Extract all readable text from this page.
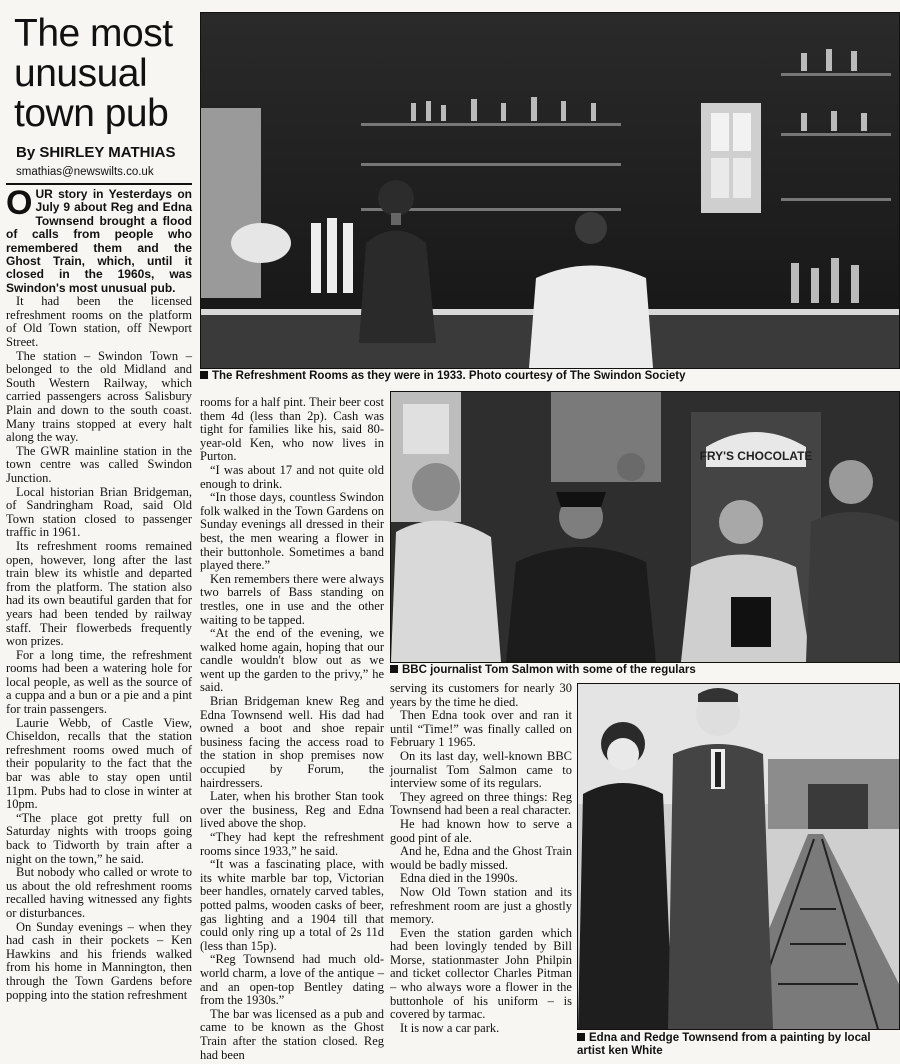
The most unusual town pub
By SHIRLEY MATHIAS
smathias@newswilts.co.uk

OUR story in Yesterdays on July 9 about Reg and Edna Townsend brought a flood of calls from people who remembered them and the Ghost Train, which, until it closed in the 1960s, was Swindon's most unusual pub.

It had been the licensed refreshment rooms on the platform of Old Town station, off Newport Street.

The station – Swindon Town – belonged to the old Midland and South Western Railway, which carried passengers across Salisbury Plain and down to the south coast. Many trains stopped at every halt along the way.

The GWR mainline station in the town centre was called Swindon Junction.

Local historian Brian Bridgeman, of Sandringham Road, said Old Town station closed to passenger traffic in 1961.

Its refreshment rooms remained open, however, long after the last train blew its whistle and departed from the platform. The station also had its own beautiful garden that for years had been tended by railway staff. Their flowerbeds frequently won prizes.

For a long time, the refreshment rooms had been a watering hole for local people, as well as the source of a cuppa and a bun or a pie and a pint for train passengers.

Laurie Webb, of Castle View, Chiseldon, recalls that the station refreshment rooms owed much of their popularity to the fact that the bar was able to stay open until 11pm. Pubs had to close in winter at 10pm.

“The place got pretty full on Saturday nights with troops going back to Tidworth by train after a night on the town,” he said.

But nobody who called or wrote to us about the old refreshment rooms recalled having witnessed any fights or disturbances.

On Sunday evenings – when they had cash in their pockets – Ken Hawkins and his friends walked from his home in Mannington, then through the Town Gardens before popping into the station refreshment

rooms for a half pint. Their beer cost them 4d (less than 2p). Cash was tight for families like his, said 80-year-old Ken, who now lives in Purton.

“I was about 17 and not quite old enough to drink.

“In those days, countless Swindon folk walked in the Town Gardens on Sunday evenings all dressed in their best, the men wearing a flower in their buttonhole. Sometimes a band played there.”

Ken remembers there were always two barrels of Bass standing on trestles, one in use and the other waiting to be tapped.

“At the end of the evening, we walked home again, hoping that our candle wouldn't blow out as we went up the garden to the privy,” he said.

Brian Bridgeman knew Reg and Edna Townsend well. His dad had owned a boot and shoe repair business facing the access road to the station in shop premises now occupied by Forum, the hairdressers.

Later, when his brother Stan took over the business, Reg and Edna lived above the shop.

“They had kept the refreshment rooms since 1933,” he said.

“It was a fascinating place, with its white marble bar top, Victorian beer handles, ornately carved tables, potted palms, wooden casks of beer, gas lighting and a 1904 till that could only ring up a total of 2s 11d (less than 15p).

“Reg Townsend had much old-world charm, a love of the antique – and an open-top Bentley dating from the 1930s.”

The bar was licensed as a pub and came to be known as the Ghost Train after the station closed. Reg had been

serving its customers for nearly 30 years by the time he died.

Then Edna took over and ran it until “Time!” was finally called on February 1 1965.

On its last day, well-known BBC journalist Tom Salmon came to interview some of its regulars.

They agreed on three things: Reg Townsend had been a real character.

He had known how to serve a good pint of ale.

And he, Edna and the Ghost Train would be badly missed.

Edna died in the 1990s.

Now Old Town station and its refreshment room are just a ghostly memory.

Even the station garden which had been lovingly tended by Bill Morse, stationmaster John Philpin and ticket collector Charles Pitman – who always wore a flower in the buttonhole of his uniform – is covered by tarmac.

It is now a car park.

The Refreshment Rooms as they were in 1933. Photo courtesy of The Swindon Society
FRY'S CHOCOLATE
BBC journalist Tom Salmon with some of the regulars
Edna and Redge Townsend from a painting by local artist ken White
